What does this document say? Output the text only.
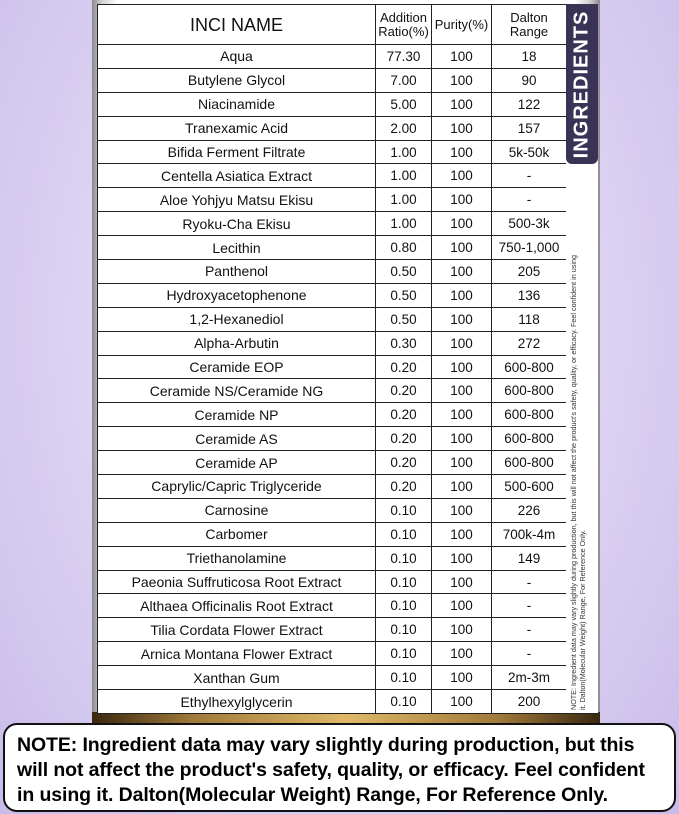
INCI NAME	Addition Ratio(%)	Purity(%)	Dalton Range
Aqua	77.30	100	18
Butylene Glycol	7.00	100	90
Niacinamide	5.00	100	122
Tranexamic Acid	2.00	100	157
Bifida Ferment Filtrate	1.00	100	5k-50k
Centella Asiatica Extract	1.00	100	-
Aloe Yohjyu Matsu Ekisu	1.00	100	-
Ryoku-Cha Ekisu	1.00	100	500-3k
Lecithin	0.80	100	750-1,000
Panthenol	0.50	100	205
Hydroxyacetophenone	0.50	100	136
1,2-Hexanediol	0.50	100	118
Alpha-Arbutin	0.30	100	272
Ceramide EOP	0.20	100	600-800
Ceramide NS/Ceramide NG	0.20	100	600-800
Ceramide NP	0.20	100	600-800
Ceramide AS	0.20	100	600-800
Ceramide AP	0.20	100	600-800
Caprylic/Capric Triglyceride	0.20	100	500-600
Carnosine	0.10	100	226
Carbomer	0.10	100	700k-4m
Triethanolamine	0.10	100	149
Paeonia Suffruticosa Root Extract	0.10	100	-
Althaea Officinalis Root Extract	0.10	100	-
Tilia Cordata Flower Extract	0.10	100	-
Arnica Montana Flower Extract	0.10	100	-
Xanthan Gum	0.10	100	2m-3m
Ethylhexylglycerin	0.10	100	200
INGREDIENTS
NOTE: Ingredient data may vary slightly during production, but this will not affect the product's safety, quality, or efficacy. Feel confident in using it. Dalton(Molecular Weight) Range, For Reference Only.

NOTE: Ingredient data may vary slightly during production, but this will not affect the product's safety, quality, or efficacy. Feel confident in using it. Dalton(Molecular Weight) Range, For Reference Only.
